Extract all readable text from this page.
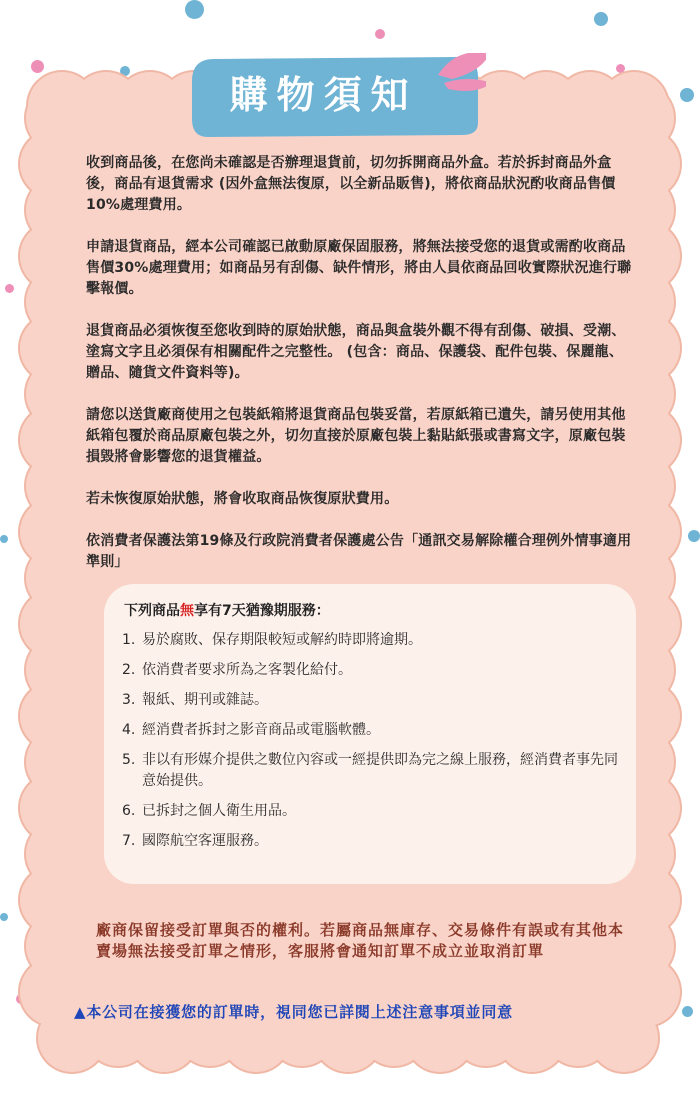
購物須知

收到商品後，在您尚未確認是否辦理退貨前，切勿拆開商品外盒。若於拆封商品外盒後，商品有退貨需求 (因外盒無法復原，以全新品販售)，將依商品狀況酌收商品售價10%處理費用。

申請退貨商品，經本公司確認已啟動原廠保固服務，將無法接受您的退貨或需酌收商品售價30%處理費用；如商品另有刮傷、缺件情形，將由人員依商品回收實際狀況進行聯擊報價。

退貨商品必須恢復至您收到時的原始狀態，商品與盒裝外觀不得有刮傷、破損、受潮、塗寫文字且必須保有相關配件之完整性。 (包含：商品、保護袋、配件包裝、保麗龍、贈品、隨貨文件資料等)。

請您以送貨廠商使用之包裝紙箱將退貨商品包裝妥當，若原紙箱已遺失，請另使用其他紙箱包覆於商品原廠包裝之外，切勿直接於原廠包裝上黏貼紙張或書寫文字，原廠包裝損毀將會影響您的退貨權益。

若未恢復原始狀態，將會收取商品恢復原狀費用。

依消費者保護法第19條及行政院消費者保護處公告「通訊交易解除權合理例外情事適用準則」

下列商品無享有7天猶豫期服務：
1. 易於腐敗、保存期限較短或解約時即將逾期。
2. 依消費者要求所為之客製化給付。
3. 報紙、期刊或雜誌。
4. 經消費者拆封之影音商品或電腦軟體。
5. 非以有形媒介提供之數位內容或一經提供即為完之線上服務，經消費者事先同意始提供。
6. 已拆封之個人衛生用品。
7. 國際航空客運服務。
廠商保留接受訂單與否的權利。若屬商品無庫存、交易條件有誤或有其他本賣場無法接受訂單之情形，客服將會通知訂單不成立並取消訂單
▲本公司在接獲您的訂單時，視同您已詳閱上述注意事項並同意
